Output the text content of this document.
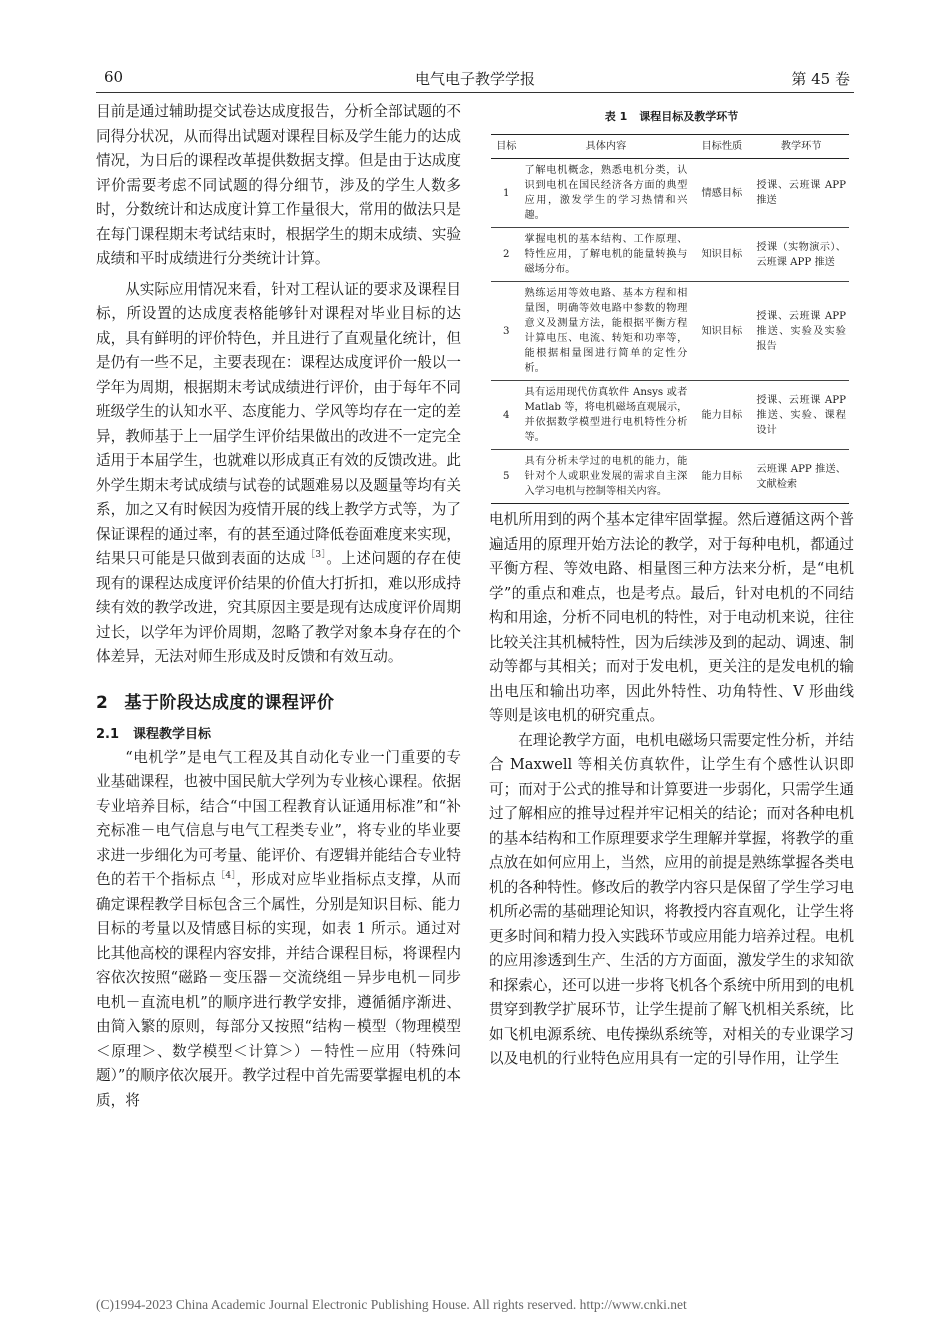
60	电气电子教学学报	第 45 卷

目前是通过辅助提交试卷达成度报告，分析全部试题的不同得分状况，从而得出试题对课程目标及学生能力的达成情况，为日后的课程改革提供数据支撑。但是由于达成度评价需要考虑不同试题的得分细节，涉及的学生人数多时，分数统计和达成度计算工作量很大，常用的做法只是在每门课程期末考试结束时，根据学生的期末成绩、实验成绩和平时成绩进行分类统计计算。

从实际应用情况来看，针对工程认证的要求及课程目标，所设置的达成度表格能够针对课程对毕业目标的达成，具有鲜明的评价特色，并且进行了直观量化统计，但是仍有一些不足，主要表现在：课程达成度评价一般以一学年为周期，根据期末考试成绩进行评价，由于每年不同班级学生的认知水平、态度能力、学风等均存在一定的差异，教师基于上一届学生评价结果做出的改进不一定完全适用于本届学生，也就难以形成真正有效的反馈改进。此外学生期末考试成绩与试卷的试题难易以及题量等均有关系，加之又有时候因为疫情开展的线上教学方式等，为了保证课程的通过率，有的甚至通过降低卷面难度来实现，结果只可能是只做到表面的达成$^{[3]}$。上述问题的存在使现有的课程达成度评价结果的价值大打折扣，难以形成持续有效的教学改进，究其原因主要是现有达成度评价周期过长，以学年为评价周期，忽略了教学对象本身存在的个体差异，无法对师生形成及时反馈和有效互动。

2 基于阶段达成度的课程评价
2.1 课程教学目标

“电机学”是电气工程及其自动化专业一门重要的专业基础课程，也被中国民航大学列为专业核心课程。依据专业培养目标，结合“中国工程教育认证通用标准”和“补充标准－电气信息与电气工程类专业”，将专业的毕业要求进一步细化为可考量、能评价、有逻辑并能结合专业特色的若干个指标点$^{[4]}$，形成对应毕业指标点支撑，从而确定课程教学目标包含三个属性，分别是知识目标、能力目标的考量以及情感目标的实现，如表 1 所示。通过对比其他高校的课程内容安排，并结合课程目标，将课程内容依次按照“磁路－变压器－交流绕组－异步电机－同步电机－直流电机”的顺序进行教学安排，遵循循序渐进、由简入繁的原则，每部分又按照“结构－模型（物理模型＜原理＞、数学模型＜计算＞）－特性－应用（特殊问题）”的顺序依次展开。教学过程中首先需要掌握电机的本质，将

表 1 课程目标及教学环节
目标	具体内容	目标性质	教学环节
1	了解电机概念，熟悉电机分类，认识到电机在国民经济各方面的典型应用，激发学生的学习热情和兴趣。	情感目标	授课、云班课 APP 推送
2	掌握电机的基本结构、工作原理、特性应用，了解电机的能量转换与磁场分布。	知识目标	授课（实物演示）、云班课 APP 推送
3	熟练运用等效电路、基本方程和相量图，明确等效电路中参数的物理意义及测量方法，能根据平衡方程计算电压、电流、转矩和功率等，能根据相量图进行简单的定性分析。	知识目标	授课、云班课 APP 推送、实验及实验报告
4	具有运用现代仿真软件 Ansys 或者 Matlab 等，将电机磁场直观展示，并依据数学模型进行电机特性分析等。	能力目标	授课、云班课 APP 推送、实验、课程设计
5	具有分析未学过的电机的能力，能针对个人或职业发展的需求自主深入学习电机与控制等相关内容。	能力目标	云班课 APP 推送、文献检索

电机所用到的两个基本定律牢固掌握。然后遵循这两个普遍适用的原理开始方法论的教学，对于每种电机，都通过平衡方程、等效电路、相量图三种方法来分析，是“电机学”的重点和难点，也是考点。最后，针对电机的不同结构和用途，分析不同电机的特性，对于电动机来说，往往比较关注其机械特性，因为后续涉及到的起动、调速、制动等都与其相关；而对于发电机，更关注的是发电机的输出电压和输出功率，因此外特性、功角特性、V 形曲线等则是该电机的研究重点。

在理论教学方面，电机电磁场只需要定性分析，并结合 Maxwell 等相关仿真软件，让学生有个感性认识即可；而对于公式的推导和计算要进一步弱化，只需学生通过了解相应的推导过程并牢记相关的结论；而对各种电机的基本结构和工作原理要求学生理解并掌握，将教学的重点放在如何应用上，当然，应用的前提是熟练掌握各类电机的各种特性。修改后的教学内容只是保留了学生学习电机所必需的基础理论知识，将教授内容直观化，让学生将更多时间和精力投入实践环节或应用能力培养过程。电机的应用渗透到生产、生活的方方面面，激发学生的求知欲和探索心，还可以进一步将飞机各个系统中所用到的电机贯穿到教学扩展环节，让学生提前了解飞机相关系统，比如飞机电源系统、电传操纵系统等，对相关的专业课学习以及电机的行业特色应用具有一定的引导作用，让学生

(C)1994-2023 China Academic Journal Electronic Publishing House. All rights reserved. http://www.cnki.net
